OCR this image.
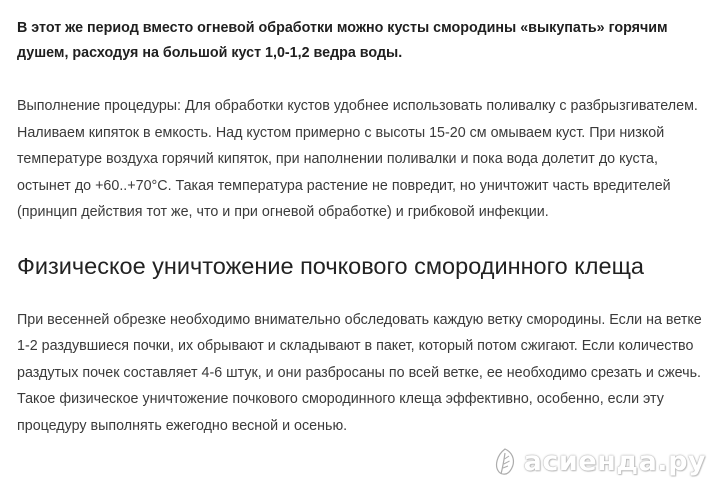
В этот же период вместо огневой обработки можно кусты смородины «выкупать» горячим душем, расходуя на большой куст 1,0-1,2 ведра воды.

Выполнение процедуры: Для обработки кустов удобнее использовать поливалку с разбрызгивателем. Наливаем кипяток в емкость. Над кустом примерно с высоты 15-20 см омываем куст. При низкой температуре воздуха горячий кипяток, при наполнении поливалки и пока вода долетит до куста, остынет до +60..+70°C. Такая температура растение не повредит, но уничтожит часть вредителей (принцип действия тот же, что и при огневой обработке) и грибковой инфекции.

Физическое уничтожение почкового смородинного клеща

При весенней обрезке необходимо внимательно обследовать каждую ветку смородины. Если на ветке 1-2 раздувшиеся почки, их обрывают и складывают в пакет, который потом сжигают. Если количество раздутых почек составляет 4-6 штук, и они разбросаны по всей ветке, ее необходимо срезать и сжечь. Такое физическое уничтожение почкового смородинного клеща эффективно, особенно, если эту процедуру выполнять ежегодно весной и осенью.

асиенда.ру
